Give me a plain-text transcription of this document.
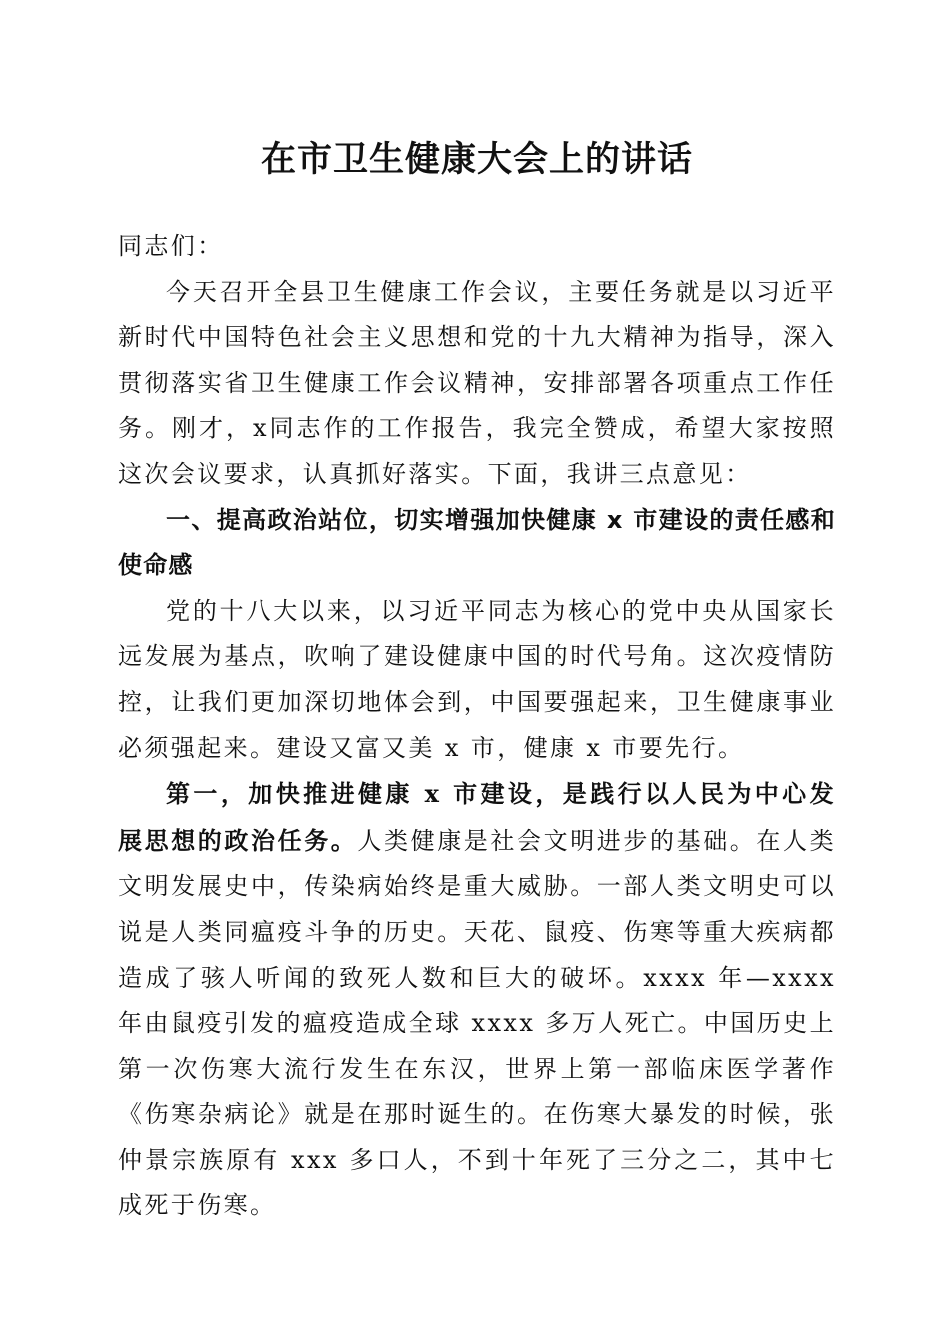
在市卫生健康大会上的讲话

同志们：

今天召开全县卫生健康工作会议，主要任务就是以习近平新时代中国特色社会主义思想和党的十九大精神为指导，深入贯彻落实省卫生健康工作会议精神，安排部署各项重点工作任务。刚才，x同志作的工作报告，我完全赞成，希望大家按照这次会议要求，认真抓好落实。下面，我讲三点意见：

一、提高政治站位，切实增强加快健康 x 市建设的责任感和使命感

党的十八大以来，以习近平同志为核心的党中央从国家长远发展为基点，吹响了建设健康中国的时代号角。这次疫情防控，让我们更加深切地体会到，中国要强起来，卫生健康事业必须强起来。建设又富又美 x 市，健康 x 市要先行。

第一，加快推进健康 x 市建设，是践行以人民为中心发展思想的政治任务。人类健康是社会文明进步的基础。在人类文明发展史中，传染病始终是重大威胁。一部人类文明史可以说是人类同瘟疫斗争的历史。天花、鼠疫、伤寒等重大疾病都造成了骇人听闻的致死人数和巨大的破坏。xxxx 年—xxxx 年由鼠疫引发的瘟疫造成全球 xxxx 多万人死亡。中国历史上第一次伤寒大流行发生在东汉，世界上第一部临床医学著作《伤寒杂病论》就是在那时诞生的。在伤寒大暴发的时候，张仲景宗族原有 xxx 多口人，不到十年死了三分之二，其中七成死于伤寒。
